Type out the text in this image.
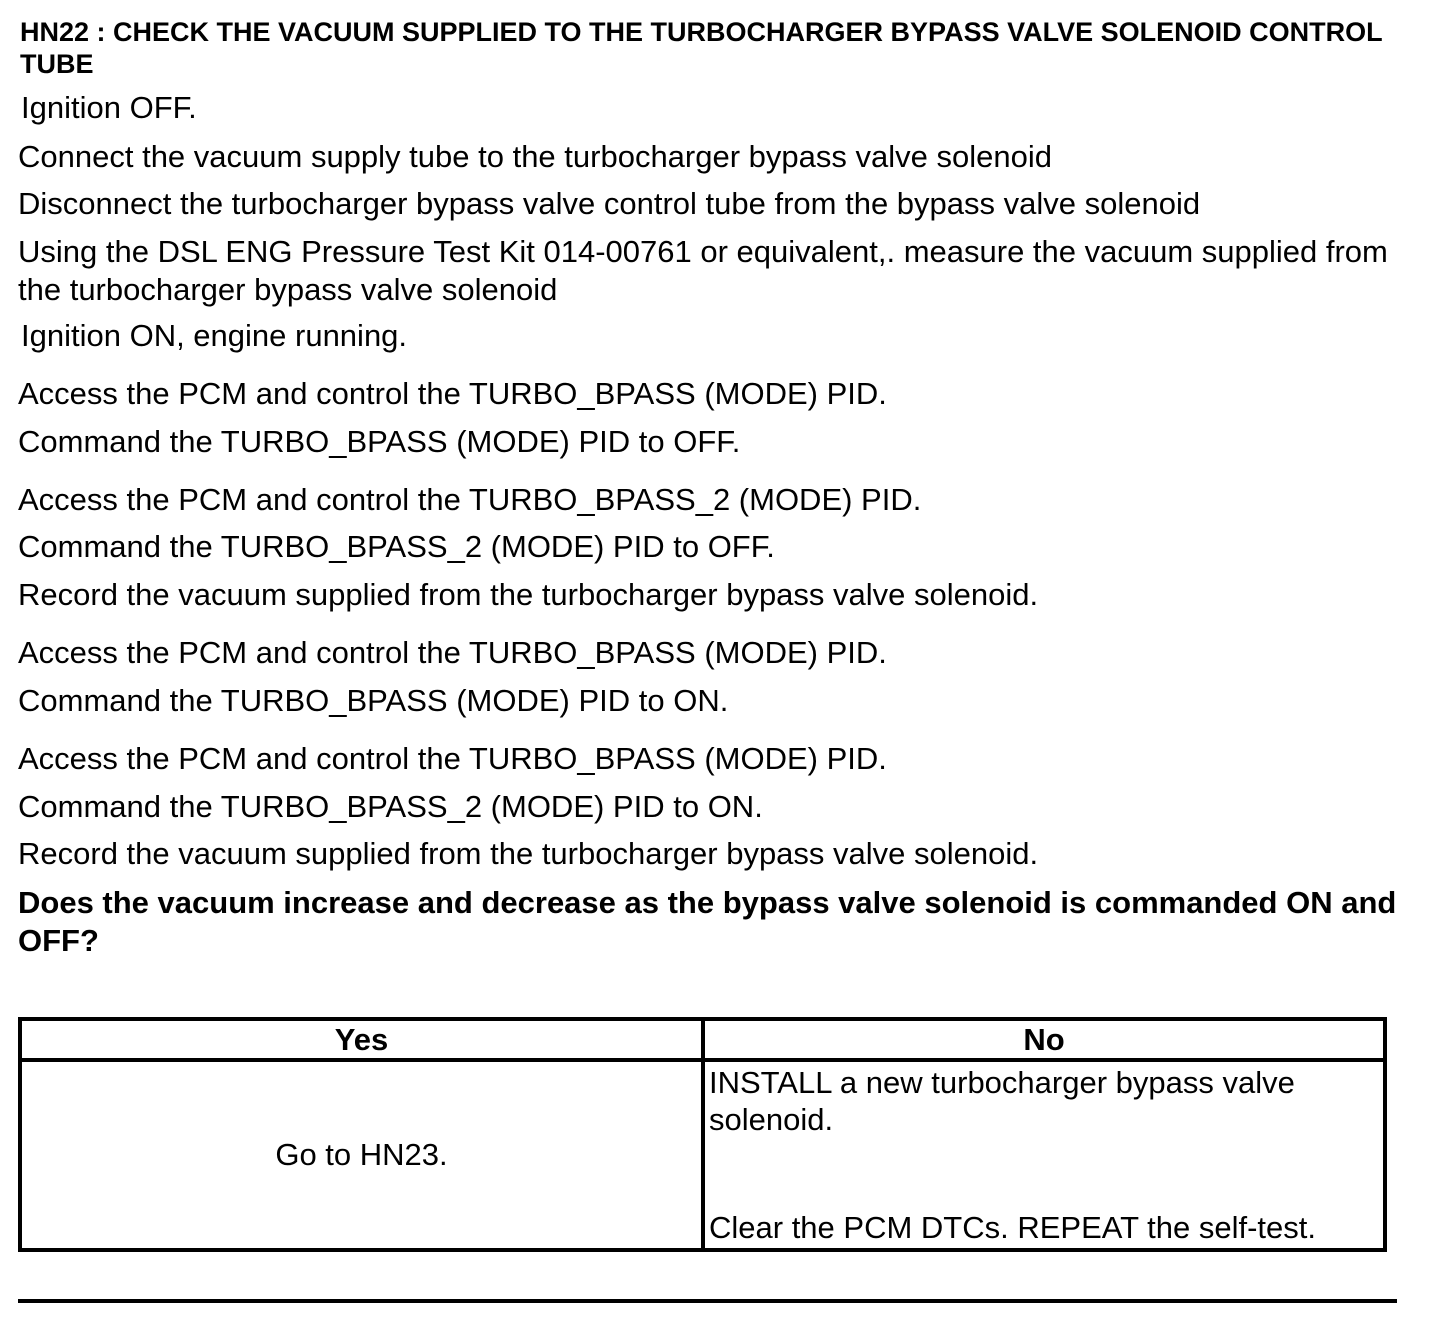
HN22 : CHECK THE VACUUM SUPPLIED TO THE TURBOCHARGER BYPASS VALVE SOLENOID CONTROL TUBE

Ignition OFF.

Connect the vacuum supply tube to the turbocharger bypass valve solenoid

Disconnect the turbocharger bypass valve control tube from the bypass valve solenoid

Using the DSL ENG Pressure Test Kit 014-00761 or equivalent,. measure the vacuum supplied from the turbocharger bypass valve solenoid

Ignition ON, engine running.

Access the PCM and control the TURBO_BPASS (MODE) PID.

Command the TURBO_BPASS (MODE) PID to OFF.

Access the PCM and control the TURBO_BPASS_2 (MODE) PID.

Command the TURBO_BPASS_2 (MODE) PID to OFF.

Record the vacuum supplied from the turbocharger bypass valve solenoid.

Access the PCM and control the TURBO_BPASS (MODE) PID.

Command the TURBO_BPASS (MODE) PID to ON.

Access the PCM and control the TURBO_BPASS (MODE) PID.

Command the TURBO_BPASS_2 (MODE) PID to ON.

Record the vacuum supplied from the turbocharger bypass valve solenoid.

Does the vacuum increase and decrease as the bypass valve solenoid is commanded ON and OFF?

Yes	No
Go to HN23.	INSTALL a new turbocharger bypass valve solenoid.
Clear the PCM DTCs. REPEAT the self-test.
